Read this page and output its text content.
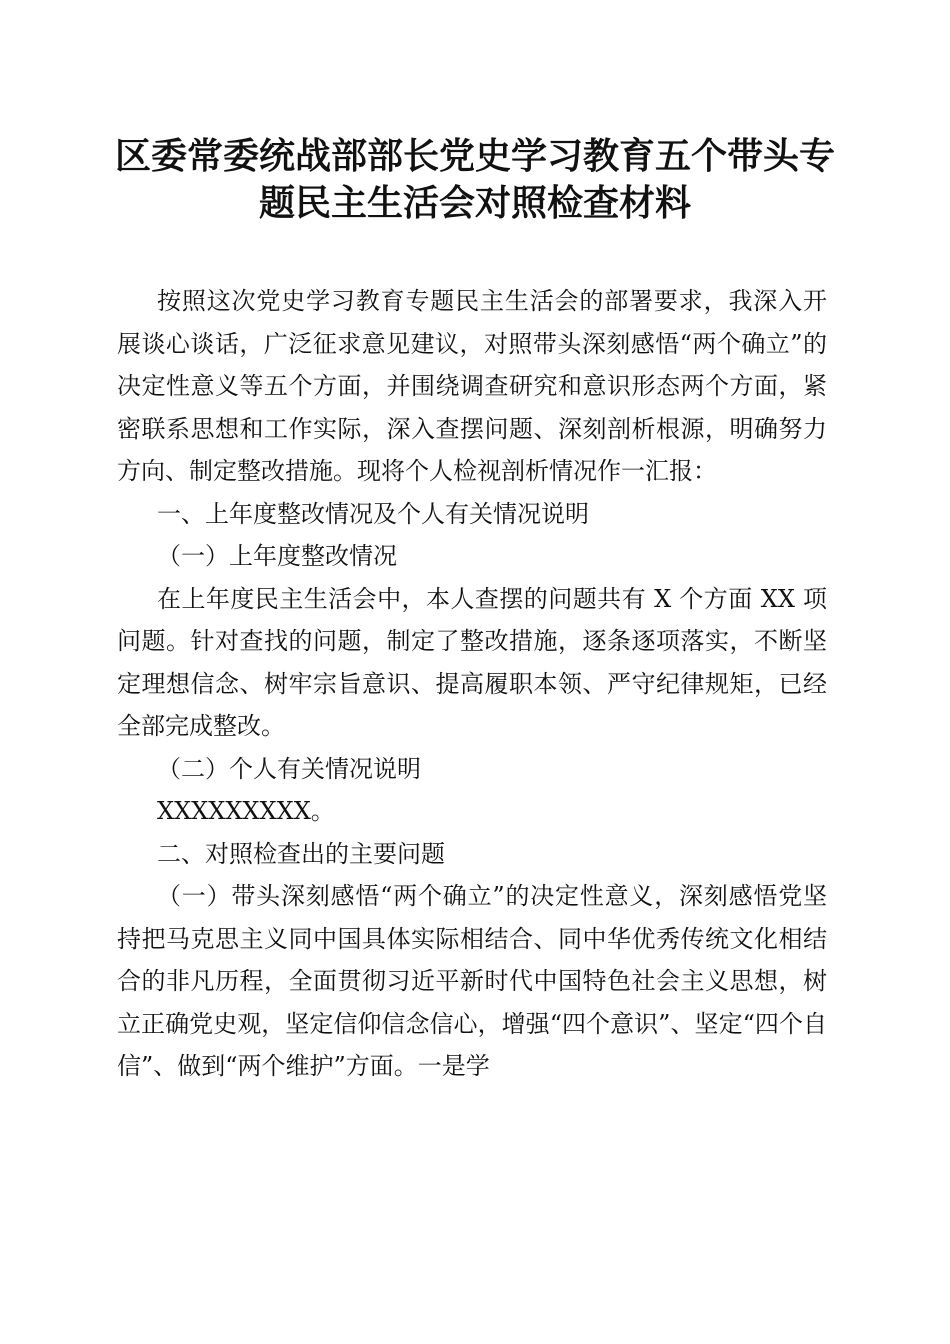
区委常委统战部部长党史学习教育五个带头专
题民主生活会对照检查材料

按照这次党史学习教育专题民主生活会的部署要求，我深入开展谈心谈话，广泛征求意见建议，对照带头深刻感悟“两个确立”的决定性意义等五个方面，并围绕调查研究和意识形态两个方面，紧密联系思想和工作实际，深入查摆问题、深刻剖析根源，明确努力方向、制定整改措施。现将个人检视剖析情况作一汇报：

一、上年度整改情况及个人有关情况说明

（一）上年度整改情况

在上年度民主生活会中，本人查摆的问题共有 X 个方面 XX 项问题。针对查找的问题，制定了整改措施，逐条逐项落实，不断坚定理想信念、树牢宗旨意识、提高履职本领、严守纪律规矩，已经全部完成整改。

（二）个人有关情况说明

XXXXXXXXX。

二、对照检查出的主要问题

（一）带头深刻感悟“两个确立”的决定性意义，深刻感悟党坚持把马克思主义同中国具体实际相结合、同中华优秀传统文化相结合的非凡历程，全面贯彻习近平新时代中国特色社会主义思想，树立正确党史观，坚定信仰信念信心，增强“四个意识”、坚定“四个自信”、做到“两个维护”方面。一是学
